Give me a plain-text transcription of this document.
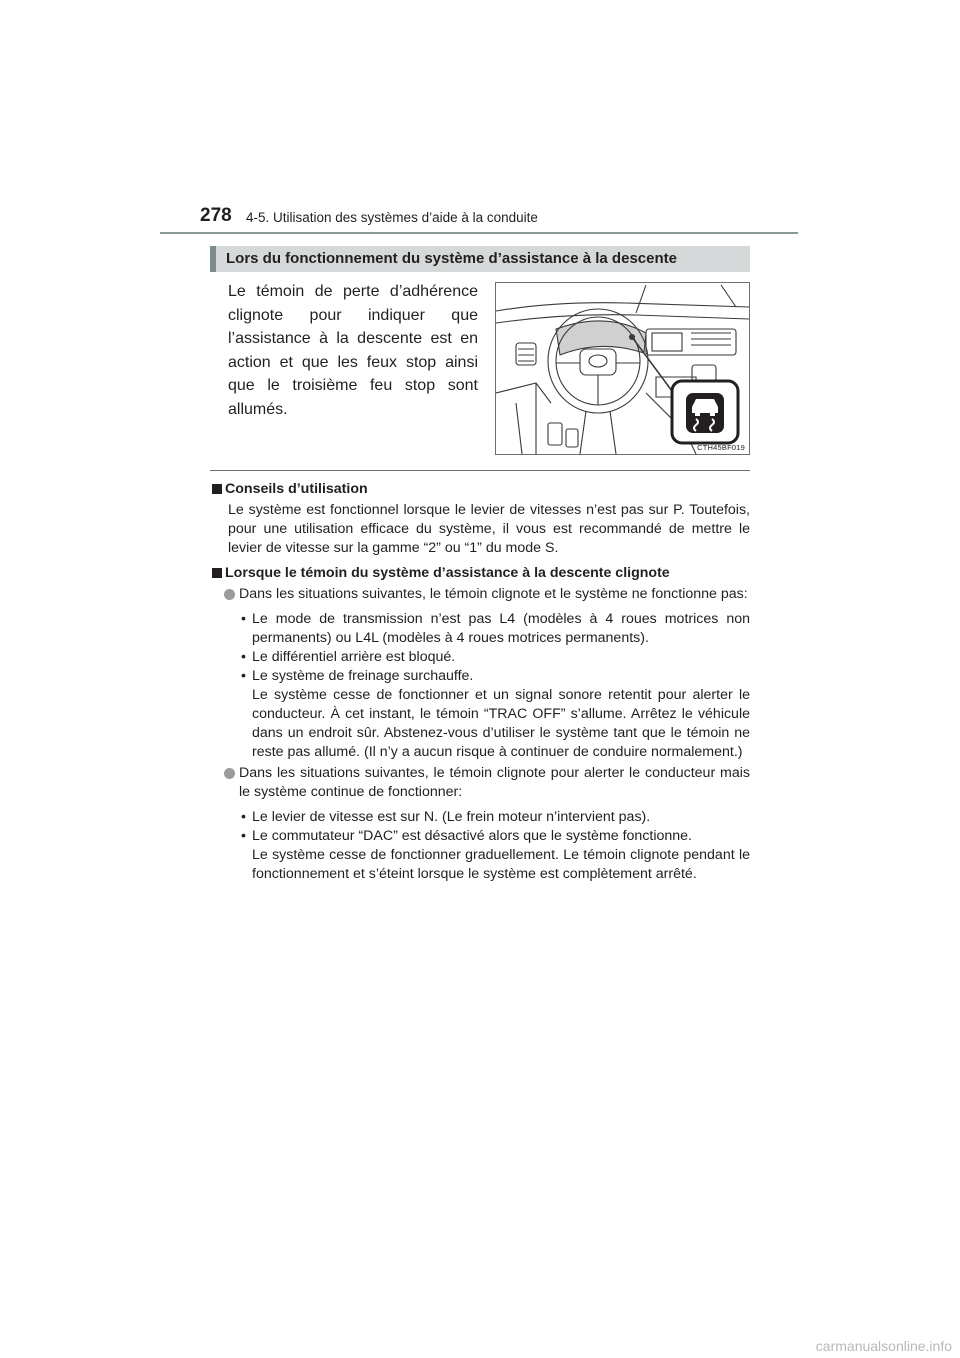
278 4-5. Utilisation des systèmes d’aide à la conduite
Lors du fonctionnement du système d’assistance à la descente
Le témoin de perte d’adhérence clignote pour indiquer que l’assistance à la descente est en action et que les feux stop ainsi que le troisième feu stop sont allumés.
CTH45BF019
Conseils d’utilisation
Le système est fonctionnel lorsque le levier de vitesses n’est pas sur P. Toutefois, pour une utilisation efficace du système, il vous est recommandé de mettre le levier de vitesse sur la gamme “2” ou “1” du mode S.
Lorsque le témoin du système d’assistance à la descente clignote
Dans les situations suivantes, le témoin clignote et le système ne fonctionne pas:
• Le mode de transmission n’est pas L4 (modèles à 4 roues motrices non permanents) ou L4L (modèles à 4 roues motrices permanents).
• Le différentiel arrière est bloqué.
• Le système de freinage surchauffe.
Le système cesse de fonctionner et un signal sonore retentit pour alerter le conducteur. À cet instant, le témoin “TRAC OFF” s’allume. Arrêtez le véhicule dans un endroit sûr. Abstenez-vous d’utiliser le système tant que le témoin ne reste pas allumé. (Il n’y a aucun risque à continuer de conduire normalement.)
Dans les situations suivantes, le témoin clignote pour alerter le conducteur mais le système continue de fonctionner:
• Le levier de vitesse est sur N. (Le frein moteur n’intervient pas).
• Le commutateur “DAC” est désactivé alors que le système fonctionne.
Le système cesse de fonctionner graduellement. Le témoin clignote pendant le fonctionnement et s’éteint lorsque le système est complètement arrêté.
carmanualsonline.info
